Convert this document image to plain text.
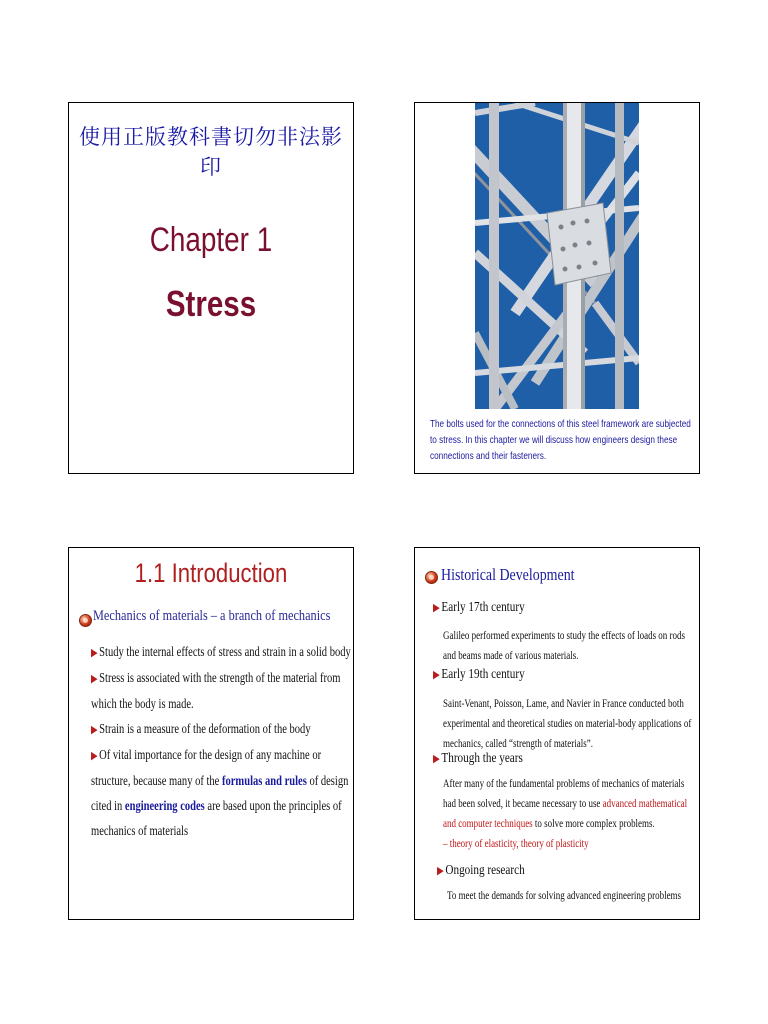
使用正版教科書切勿非法影印
Chapter 1
Stress
The bolts used for the connections of this steel framework are subjected
to stress. In this chapter we will discuss how engineers design these
connections and their fasteners.
1.1 Introduction
Mechanics of materials – a branch of mechanics
▶ Study the internal effects of stress and strain in a solid body
▶ Stress is associated with the strength of the material from
which the body is made.
▶ Strain is a measure of the deformation of the body
▶ Of vital importance for the design of any machine or
structure, because many of the formulas and rules of design
cited in engineering codes are based upon the principles of
mechanics of materials
Historical Development
▶ Early 17th century
Galileo performed experiments to study the effects of loads on rods
and beams made of various materials.
▶ Early 19th century
Saint-Venant, Poisson, Lame, and Navier in France conducted both
experimental and theoretical studies on material-body applications of
mechanics, called “strength of materials”.
▶ Through the years
After many of the fundamental problems of mechanics of materials
had been solved, it became necessary to use advanced mathematical
and computer techniques to solve more complex problems.
– theory of elasticity, theory of plasticity
▶ Ongoing research
To meet the demands for solving advanced engineering problems
